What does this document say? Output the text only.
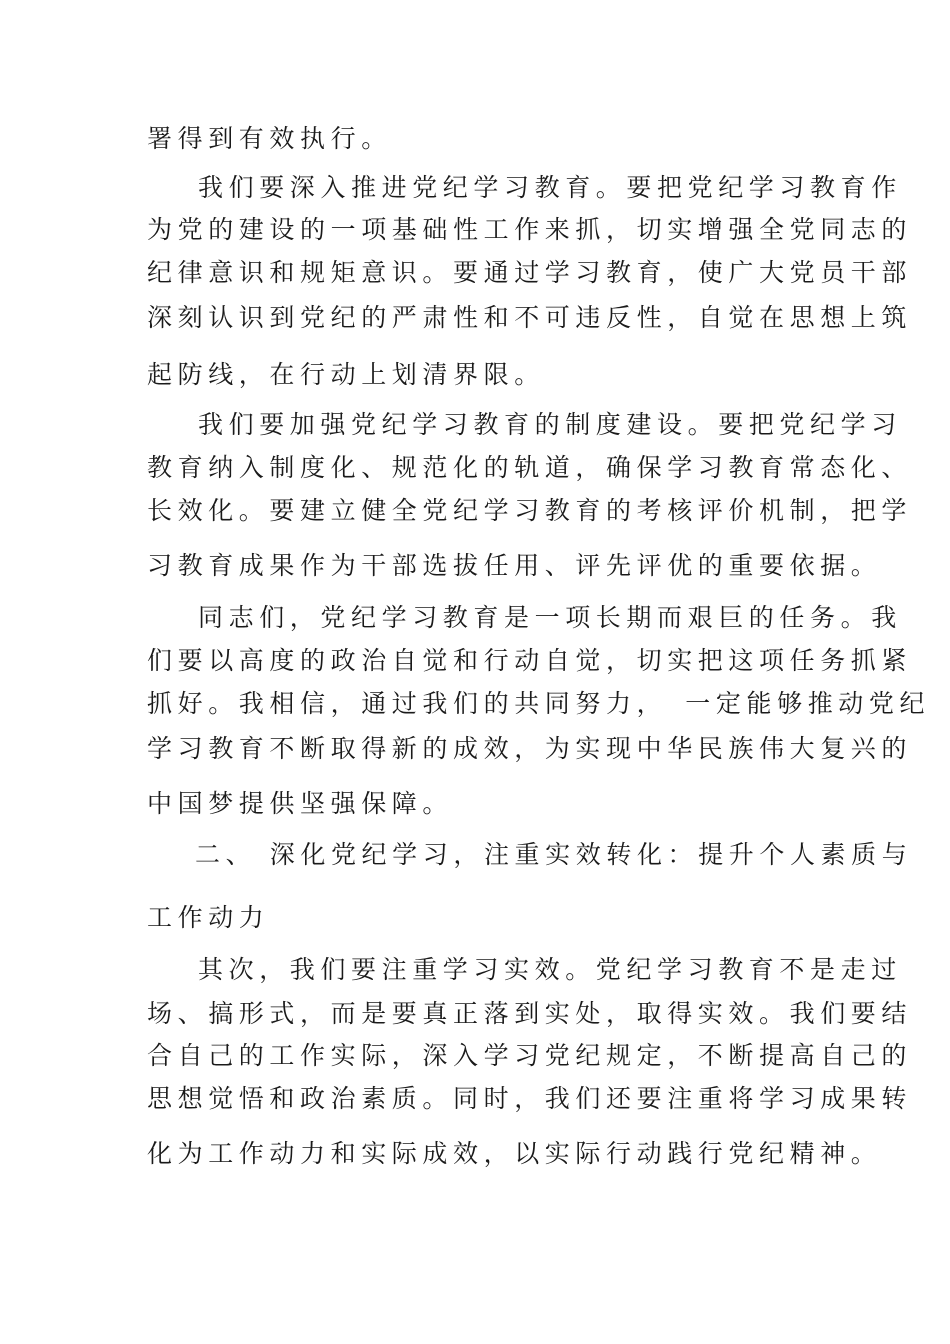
署得到有效执行。
我们要深入推进党纪学习教育。要把党纪学习教育作
为党的建设的一项基础性工作来抓，切实增强全党同志的
纪律意识和规矩意识。要通过学习教育，使广大党员干部
深刻认识到党纪的严肃性和不可违反性，自觉在思想上筑
起防线，在行动上划清界限。
我们要加强党纪学习教育的制度建设。要把党纪学习
教育纳入制度化、规范化的轨道，确保学习教育常态化、
长效化。要建立健全党纪学习教育的考核评价机制，把学
习教育成果作为干部选拔任用、评先评优的重要依据。
同志们，党纪学习教育是一项长期而艰巨的任务。我
们要以高度的政治自觉和行动自觉，切实把这项任务抓紧
抓好。我相信，通过我们的共同努力，　一定能够推动党纪
学习教育不断取得新的成效，为实现中华民族伟大复兴的
中国梦提供坚强保障。
二、 深化党纪学习，注重实效转化：提升个人素质与
工作动力
其次，我们要注重学习实效。党纪学习教育不是走过
场、搞形式，而是要真正落到实处，取得实效。我们要结
合自己的工作实际，深入学习党纪规定，不断提高自己的
思想觉悟和政治素质。同时，我们还要注重将学习成果转
化为工作动力和实际成效，以实际行动践行党纪精神。
